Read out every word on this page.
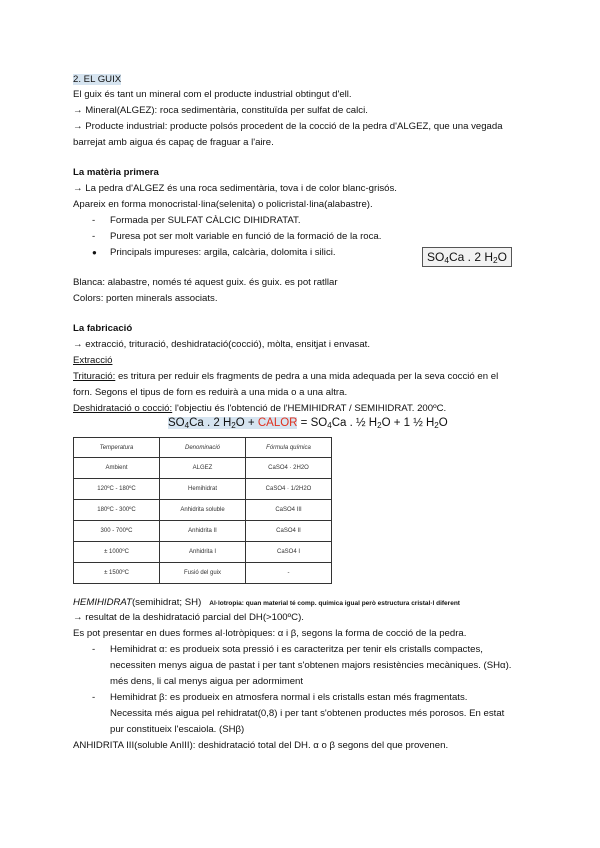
2. EL GUIX
El guix és tant un mineral com el producte industrial obtingut d'ell.
→ Mineral(ALGEZ): roca sedimentària, constituïda per sulfat de calci.
→ Producte industrial: producte polsós procedent de la cocció de la pedra d'ALGEZ, que una vegada
barrejat amb aigua és capaç de fraguar a l'aire.
La matèria primera
→ La pedra d'ALGEZ és una roca sedimentària, tova i de color blanc-grisós.
Apareix en forma monocristal·lina(selenita) o policristal·lina(alabastre).
- Formada per SULFAT CÀLCIC DIHIDRATAT.
- Puresa pot ser molt variable en funció de la formació de la roca.
● Principals impureses: argila, calcària, dolomita i silici.	$SO_4Ca$ . 2 $H_2O$
Blanca: alabastre, només té aquest guix. és guix. es pot ratllar
Colors: porten minerals associats.
La fabricació
→ extracció, trituració, deshidratació(cocció), mòlta, ensitjat i envasat.
Extracció
Trituració: es tritura per reduir els fragments de pedra a una mida adequada per la seva cocció en el
forn. Segons el tipus de forn es reduirà a una mida o a una altra.
Deshidratació o cocció: l'objectiu és l'obtenció de l'HEMIHIDRAT / SEMIHIDRAT. 200ºC.
$SO_4Ca$ . 2 $H_2O$ + CALOR = $SO_4Ca$ . ½ $H_2O + 1$ ½ $H_2O$
Temperatura	Denominació	Fórmula química
Ambient	ALGEZ	CaSO4 · 2H2O
120ºC - 180ºC	Hemihidrat	CaSO4 · 1/2H2O
180ºC - 300ºC	Anhidrita soluble	CaSO4 III
300 - 700ºC	Anhidrita II	CaSO4 II
± 1000ºC	Anhidrita I	CaSO4 I
± 1500ºC	Fusió del guix	-
HEMIHIDRAT(semihidrat; SH) Al·lotropia: quan material té comp. química igual però estructura cristal·l diferent
→ resultat de la deshidratació parcial del DH(>100ºC).
Es pot presentar en dues formes al·lotròpiques: α i β, segons la forma de cocció de la pedra.
- Hemihidrat α: es produeix sota pressió i es caracteritza per tenir els cristalls compactes,
necessiten menys aigua de pastat i per tant s'obtenen majors resistències mecàniques. (SHα).
més dens, li cal menys aigua per adormiment
- Hemihidrat β: es produeix en atmosfera normal i els cristalls estan més fragmentats.
Necessita més aigua pel rehidratat(0,8) i per tant s'obtenen productes més porosos. En estat
pur constitueix l'escaiola. (SHβ)
ANHIDRITA III(soluble AnIII): deshidratació total del DH. α o β segons del que provenen.
